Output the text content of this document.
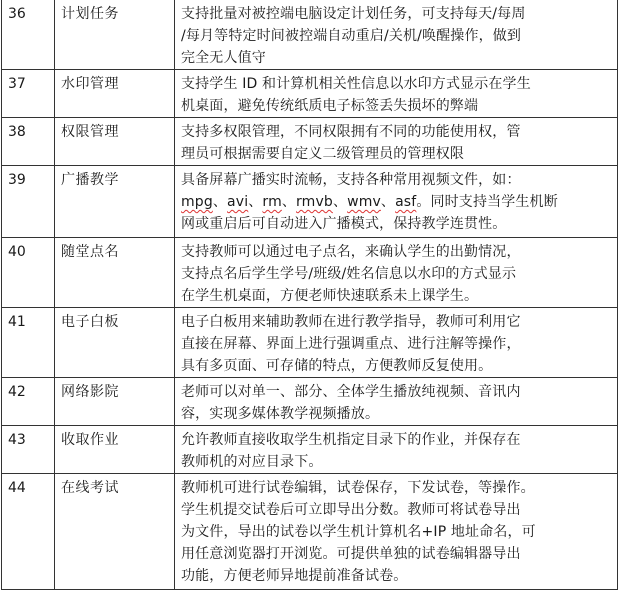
36	计划任务	支持批量对被控端电脑设定计划任务，可支持每天/每周
/每月等特定时间被控端自动重启/关机/唤醒操作，做到
完全无人值守

37	水印管理	支持学生 ID 和计算机相关性信息以水印方式显示在学生
机桌面，避免传统纸质电子标签丢失损坏的弊端

38	权限管理	支持多权限管理，不同权限拥有不同的功能使用权，管
理员可根据需要自定义二级管理员的管理权限

39	广播教学	具备屏幕广播实时流畅，支持各种常用视频文件，如：
mpg、avi、rm、rmvb、wmv、asf。同时支持当学生机断
网或重启后可自动进入广播模式，保持教学连贯性。

40	随堂点名	支持教师可以通过电子点名，来确认学生的出勤情况，
支持点名后学生学号/班级/姓名信息以水印的方式显示
在学生机桌面，方便老师快速联系未上课学生。

41	电子白板	电子白板用来辅助教师在进行教学指导，教师可利用它
直接在屏幕、界面上进行强调重点、进行注解等操作，
具有多页面、可存储的特点，方便教师反复使用。

42	网络影院	老师可以对单一、部分、全体学生播放纯视频、音讯内
容，实现多媒体教学视频播放。

43	收取作业	允许教师直接收取学生机指定目录下的作业，并保存在
教师机的对应目录下。

44	在线考试	教师机可进行试卷编辑，试卷保存，下发试卷，等操作。
学生机提交试卷后可立即导出分数。教师可将试卷导出
为文件，导出的试卷以学生机计算机名+IP 地址命名，可
用任意浏览器打开浏览。可提供单独的试卷编辑器导出
功能，方便老师异地提前准备试卷。
